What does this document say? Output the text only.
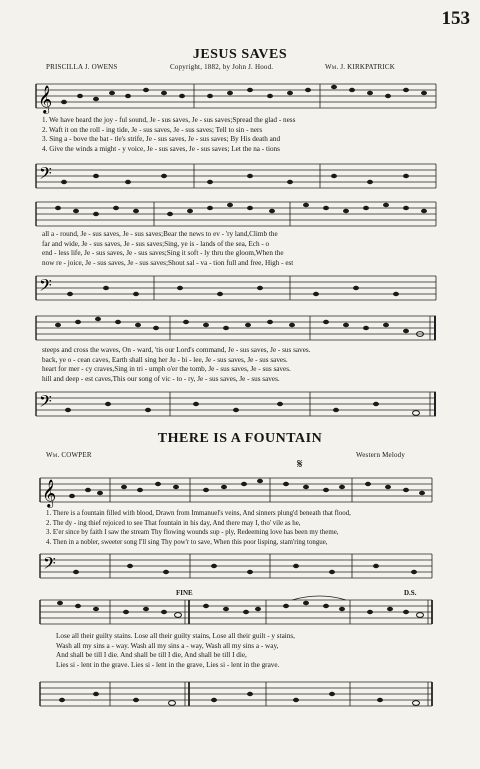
153
JESUS SAVES
PRISCILLA J. OWENS	Copyright, 1882, by John J. Hood.	Wm. J. KIRKPATRICK
𝄞
1. We have heard the joy - ful sound, Je - sus saves, Je - sus saves;Spread the glad - ness
2. Waft it on the roll - ing tide, Je - sus saves, Je - sus saves; Tell to sin - ners
3. Sing a - bove the bat - tle's strife, Je - sus saves, Je - sus saves; By His death and
4. Give the winds a might - y voice, Je - sus saves, Je - sus saves; Let the na - tions
𝄢
all a - round, Je - sus saves, Je - sus saves;Bear the news to ev - 'ry land,Climb the
far and wide, Je - sus saves, Je - sus saves;Sing, ye is - lands of the sea, Ech - o
end - less life, Je - sus saves, Je - sus saves;Sing it soft - ly thru the gloom,When the
now re - joice, Je - sus saves, Je - sus saves;Shout sal - va - tion full and free, High - est
𝄢
steeps and cross the waves, On - ward, 'tis our Lord's command, Je - sus saves, Je - sus saves.
back, ye o - cean caves, Earth shall sing her Ju - bi - lee, Je - sus saves, Je - sus saves.
heart for mer - cy craves,Sing in tri - umph o'er the tomb, Je - sus saves, Je - sus saves.
hill and deep - est caves,This our song of vic - to - ry, Je - sus saves, Je - sus saves.
𝄢
THERE IS A FOUNTAIN
Wm. COWPER	Western Melody
𝄋
𝄞
1. There is a fountain filled with blood, Drawn from Immanuel's veins, And sinners plung'd beneath that flood,
2. The dy - ing thief rejoiced to see That fountain in his day, And there may I, tho' vile as he,
3. E'er since by faith I saw the stream Thy flowing wounds sup - ply, Redeeming love has been my theme,
4. Then in a nobler, sweeter song I'll sing Thy pow'r to save, When this poor lisping, stam'ring tongue,
𝄢
FINE	D.S.
Lose all their guilty stains. Lose all their guilty stains, Lose all their guilt - y stains,
Wash all my sins a - way. Wash all my sins a - way, Wash all my sins a - way,
And shall be till I die. And shall be till I die, And shall be till I die,
Lies si - lent in the grave. Lies si - lent in the grave, Lies si - lent in the grave.
